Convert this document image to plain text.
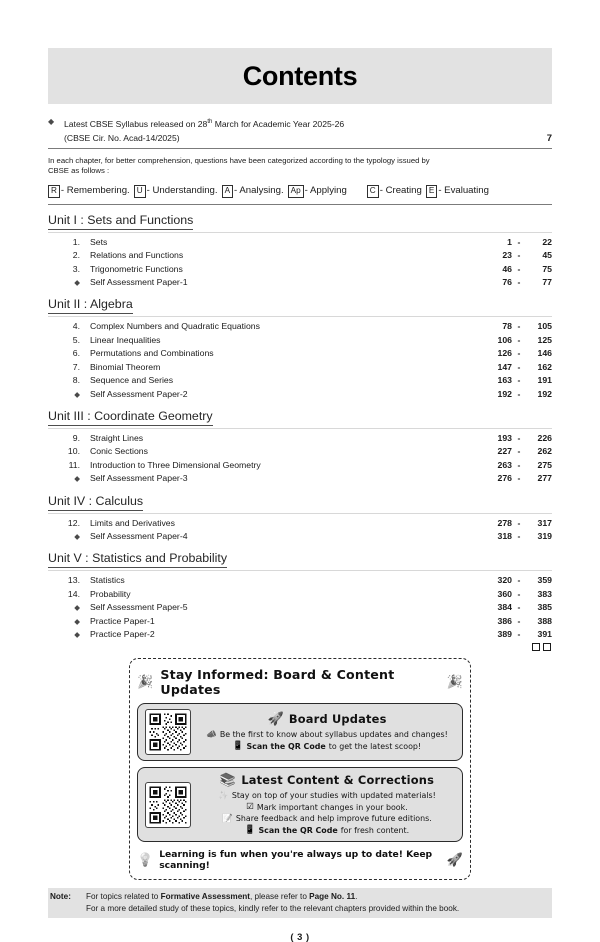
Contents
◆	Latest CBSE Syllabus released on 28th March for Academic Year 2025-26
(CBSE Cir. No. Acad-14/2025)	7

In each chapter, for better comprehension, questions have been categorized according to the typology issued by

CBSE as follows :

R - Remembering. U - Understanding. A - Analysing. Ap - Applying	C - Creating E - Evaluating
Unit I : Sets and Functions
1.	Sets	1 -	22
2.	Relations and Functions	23 -	45
3.	Trigonometric Functions	46 -	75
◆	Self Assessment Paper-1	76 -	77
Unit II : Algebra
4.	Complex Numbers and Quadratic Equations	78 -	105
5.	Linear Inequalities	106 -	125
6.	Permutations and Combinations	126 -	146
7.	Binomial Theorem	147 -	162
8.	Sequence and Series	163 -	191
◆	Self Assessment Paper-2	192 -	192
Unit III : Coordinate Geometry
9.	Straight Lines	193 -	226
10.	Conic Sections	227 -	262
11.	Introduction to Three Dimensional Geometry	263 -	275
◆	Self Assessment Paper-3	276 -	277
Unit IV : Calculus
12.	Limits and Derivatives	278 -	317
◆	Self Assessment Paper-4	318 -	319
Unit V : Statistics and Probability
13.	Statistics	320 -	359
14.	Probability	360 -	383
◆	Self Assessment Paper-5	384 -	385
◆	Practice Paper-1	386 -	388
◆	Practice Paper-2	389 -	391
🎉 Stay Informed: Board & Content Updates	🎉
🚀 Board Updates
📣 Be the first to know about syllabus updates and changes!
📱 Scan the QR Code to get the latest scoop!
📚 Latest Content & Corrections
✨ Stay on top of your studies with updated materials!
☑ Mark important changes in your book.
📝 Share feedback and help improve future editions.
📱 Scan the QR Code for fresh content.
💡 Learning is fun when you're always up to date! Keep scanning!	🚀
Note:	For topics related to Formative Assessment, please refer to Page No. 11.
For a more detailed study of these topics, kindly refer to the relevant chapters provided within the book.
( 3 )
